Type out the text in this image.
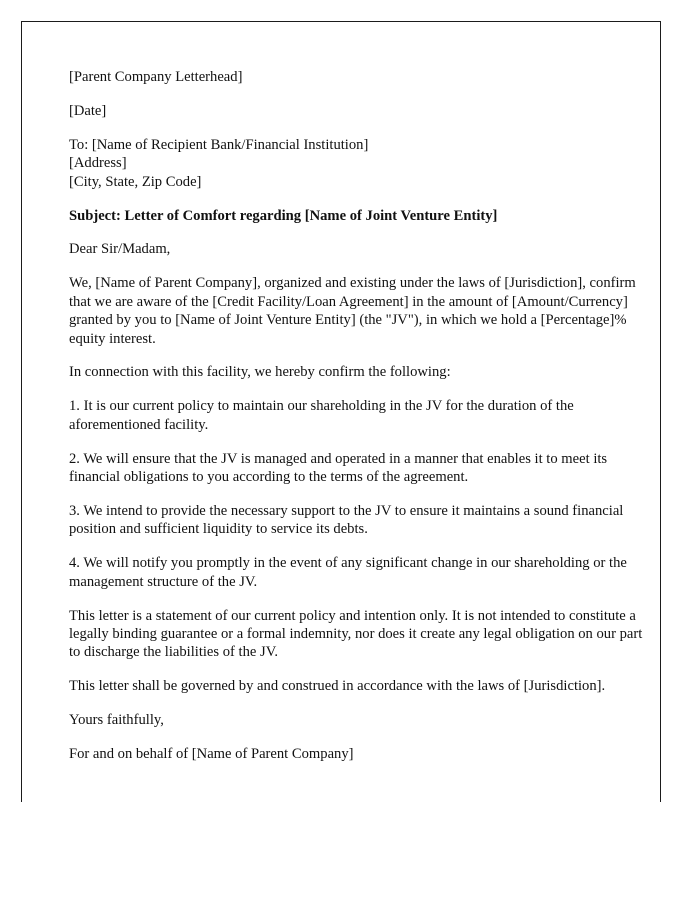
[Parent Company Letterhead]

[Date]

To: [Name of Recipient Bank/Financial Institution]
[Address]
[City, State, Zip Code]

Subject: Letter of Comfort regarding [Name of Joint Venture Entity]

Dear Sir/Madam,

We, [Name of Parent Company], organized and existing under the laws of [Jurisdiction], confirm that we are aware of the [Credit Facility/Loan Agreement] in the amount of [Amount/Currency] granted by you to [Name of Joint Venture Entity] (the "JV"), in which we hold a [Percentage]% equity interest.

In connection with this facility, we hereby confirm the following:

1. It is our current policy to maintain our shareholding in the JV for the duration of the aforementioned facility.

2. We will ensure that the JV is managed and operated in a manner that enables it to meet its financial obligations to you according to the terms of the agreement.

3. We intend to provide the necessary support to the JV to ensure it maintains a sound financial position and sufficient liquidity to service its debts.

4. We will notify you promptly in the event of any significant change in our shareholding or the management structure of the JV.

This letter is a statement of our current policy and intention only. It is not intended to constitute a legally binding guarantee or a formal indemnity, nor does it create any legal obligation on our part to discharge the liabilities of the JV.

This letter shall be governed by and construed in accordance with the laws of [Jurisdiction].

Yours faithfully,

For and on behalf of [Name of Parent Company]
